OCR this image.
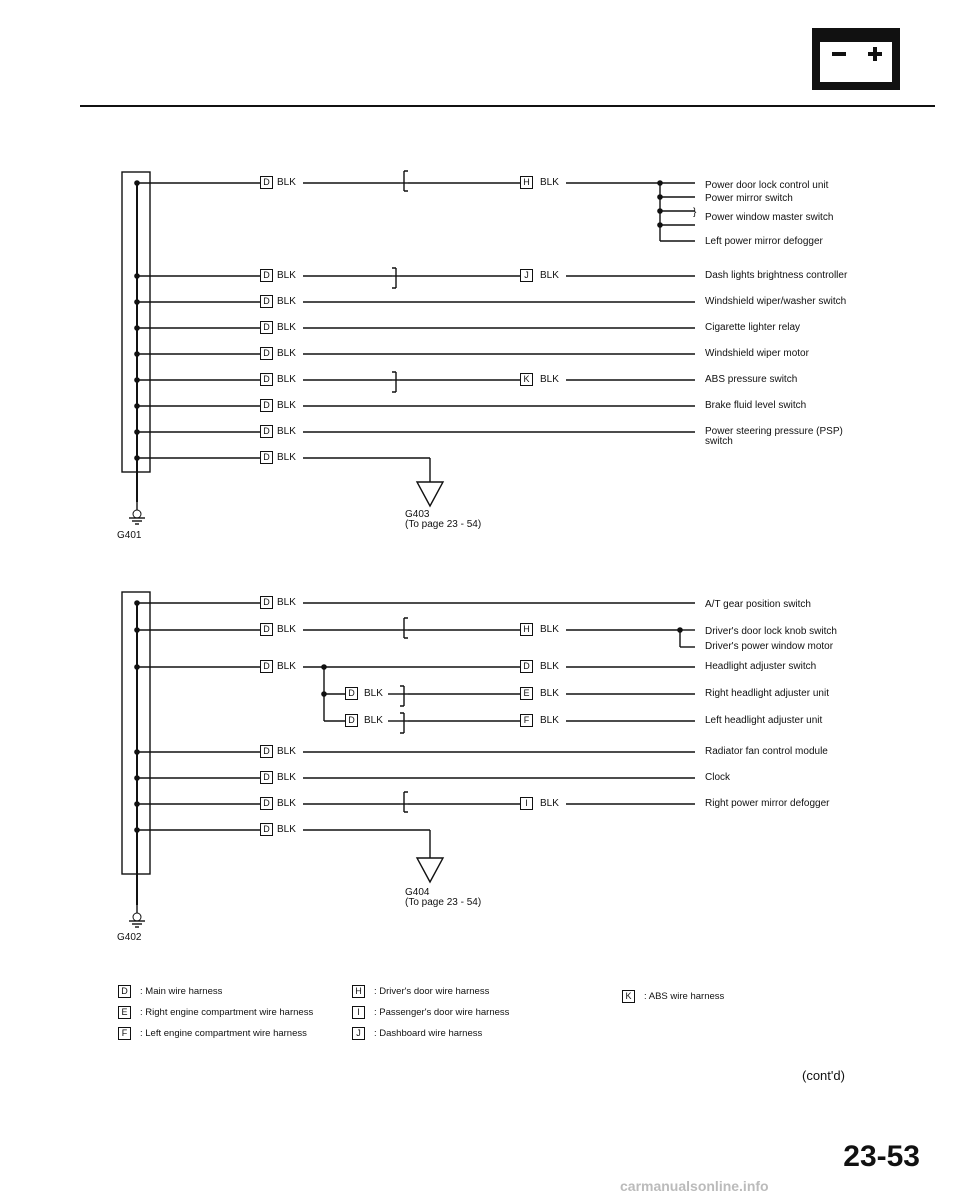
G401
D BLK
D BLK
D BLK
D BLK
D BLK
D BLK
D BLK
D BLK
D BLK
H	BLK
J	BLK
K	BLK
G403
(To page 23 - 54)
Power door lock control unit
Power mirror switch
Power window master switch
Left power mirror defogger
Dash lights brightness controller
Windshield wiper/washer switch
Cigarette lighter relay
Windshield wiper motor
ABS pressure switch
Brake fluid level switch
Power steering pressure (PSP)
switch
}
G402
D BLK
D BLK
D BLK
D BLK
D BLK
D BLK
D BLK
H	BLK
D	BLK
D BLK	E	BLK
D BLK	F	BLK
I	BLK
G404
(To page 23 - 54)
A/T gear position switch
Driver's door lock knob switch
Driver's power window motor
Headlight adjuster switch
Right headlight adjuster unit
Left headlight adjuster unit
Radiator fan control module
Clock
Right power mirror defogger
D	: Main wire harness
E	: Right engine compartment wire harness
F	: Left engine compartment wire harness
H	: Driver's door wire harness
I	: Passenger's door wire harness
J	: Dashboard wire harness
K	: ABS wire harness
(cont'd)
23-53
carmanualsonline.info
